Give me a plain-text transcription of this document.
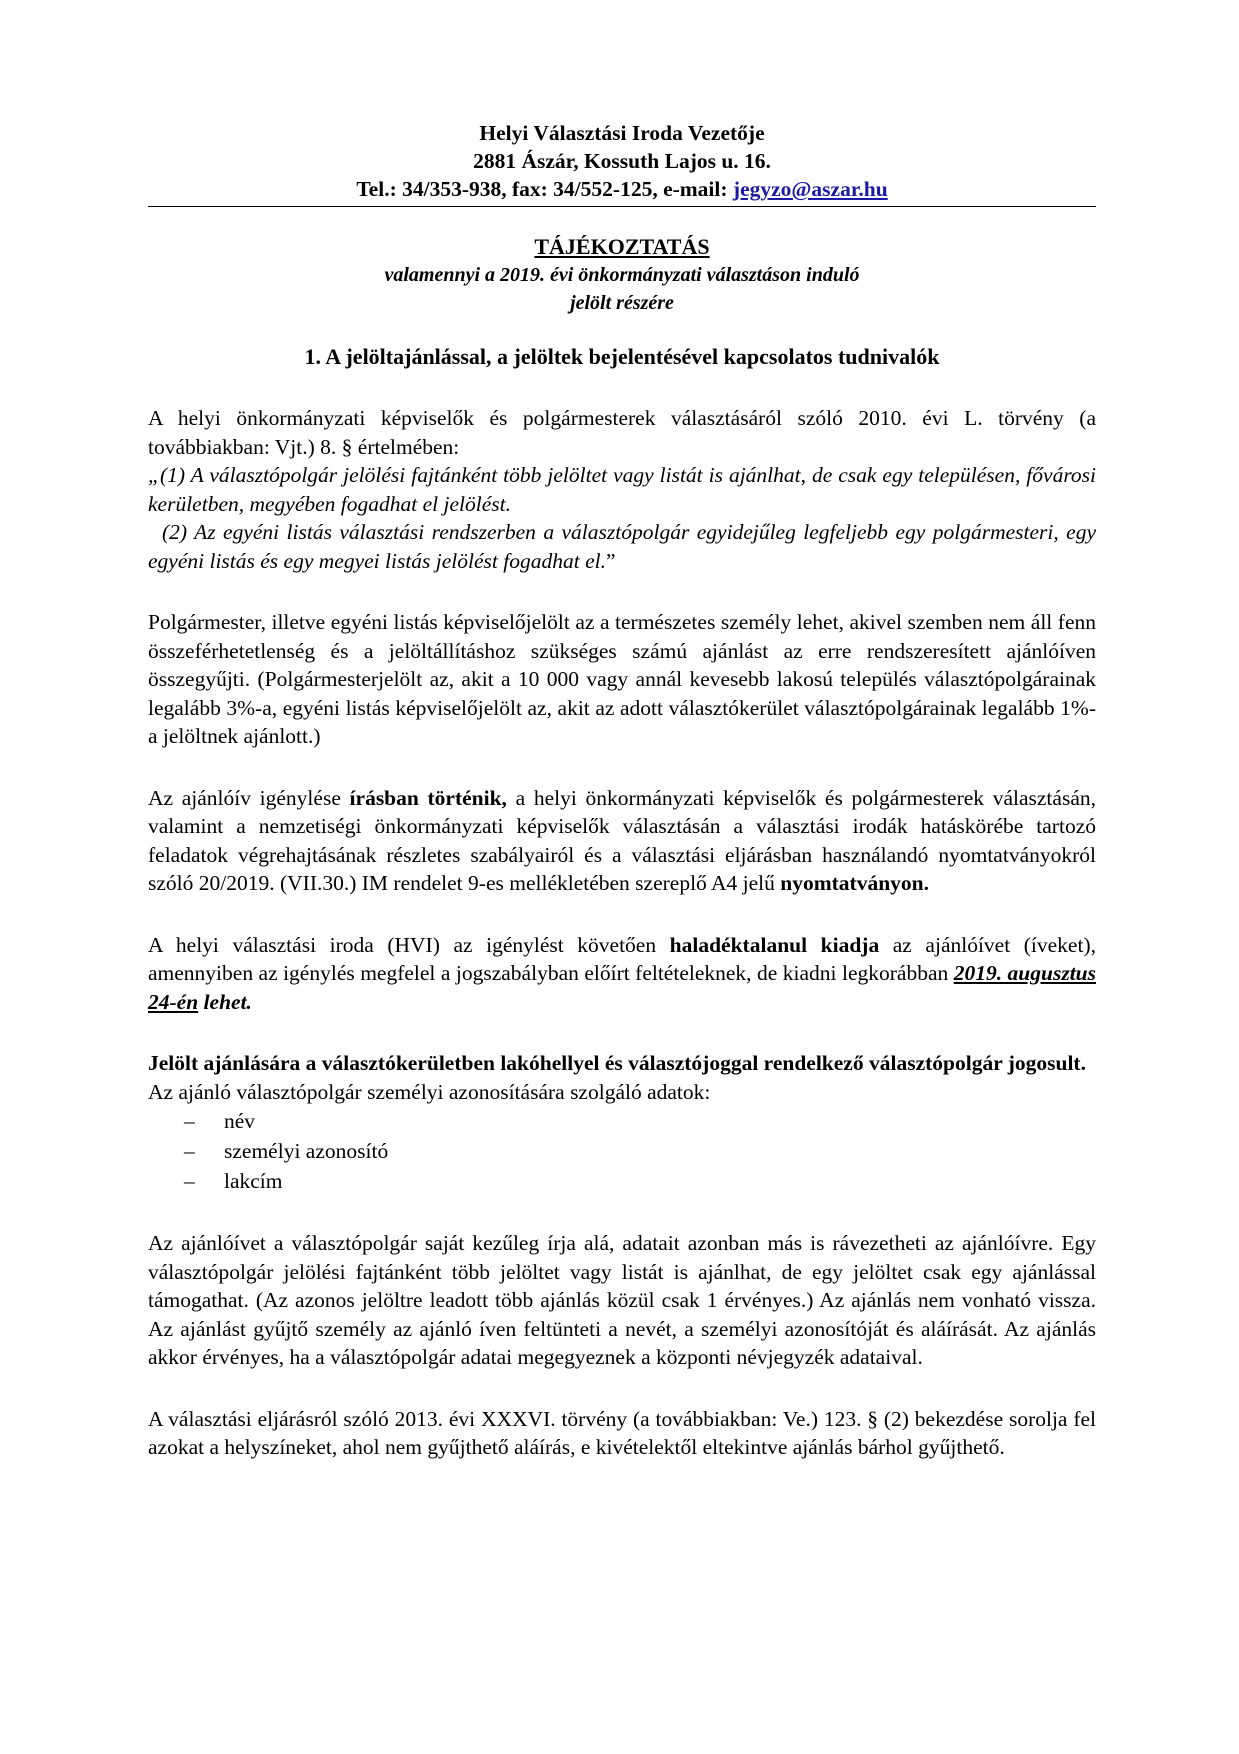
Helyi Választási Iroda Vezetője
2881 Ászár, Kossuth Lajos u. 16.
Tel.: 34/353-938, fax: 34/552-125, e-mail: jegyzo@aszar.hu
TÁJÉKOZTATÁS
valamennyi a 2019. évi önkormányzati választáson induló
jelölt részére
1. A jelöltajánlással, a jelöltek bejelentésével kapcsolatos tudnivalók

A helyi önkormányzati képviselők és polgármesterek választásáról szóló 2010. évi L. törvény (a továbbiakban: Vjt.) 8. § értelmében:

„(1) A választópolgár jelölési fajtánként több jelöltet vagy listát is ajánlhat, de csak egy településen, fővárosi kerületben, megyében fogadhat el jelölést.

(2) Az egyéni listás választási rendszerben a választópolgár egyidejűleg legfeljebb egy polgármesteri, egy egyéni listás és egy megyei listás jelölést fogadhat el.”

Polgármester, illetve egyéni listás képviselőjelölt az a természetes személy lehet, akivel szemben nem áll fenn összeférhetetlenség és a jelöltállításhoz szükséges számú ajánlást az erre rendszeresített ajánlóíven összegyűjti. (Polgármesterjelölt az, akit a 10 000 vagy annál kevesebb lakosú település választópolgárainak legalább 3%-a, egyéni listás képviselőjelölt az, akit az adott választókerület választópolgárainak legalább 1%-a jelöltnek ajánlott.)

Az ajánlóív igénylése írásban történik, a helyi önkormányzati képviselők és polgármesterek választásán, valamint a nemzetiségi önkormányzati képviselők választásán a választási irodák hatáskörébe tartozó feladatok végrehajtásának részletes szabályairól és a választási eljárásban használandó nyomtatványokról szóló 20/2019. (VII.30.) IM rendelet 9-es mellékletében szereplő A4 jelű nyomtatványon.

A helyi választási iroda (HVI) az igénylést követően haladéktalanul kiadja az ajánlóívet (íveket), amennyiben az igénylés megfelel a jogszabályban előírt feltételeknek, de kiadni legkorábban 2019. augusztus 24-én lehet.

Jelölt ajánlására a választókerületben lakóhellyel és választójoggal rendelkező választópolgár jogosult.

Az ajánló választópolgár személyi azonosítására szolgáló adatok:

– név
– személyi azonosító
– lakcím

Az ajánlóívet a választópolgár saját kezűleg írja alá, adatait azonban más is rávezetheti az ajánlóívre. Egy választópolgár jelölési fajtánként több jelöltet vagy listát is ajánlhat, de egy jelöltet csak egy ajánlással támogathat. (Az azonos jelöltre leadott több ajánlás közül csak 1 érvényes.) Az ajánlás nem vonható vissza. Az ajánlást gyűjtő személy az ajánló íven feltünteti a nevét, a személyi azonosítóját és aláírását. Az ajánlás akkor érvényes, ha a választópolgár adatai megegyeznek a központi névjegyzék adataival.

A választási eljárásról szóló 2013. évi XXXVI. törvény (a továbbiakban: Ve.) 123. § (2) bekezdése sorolja fel azokat a helyszíneket, ahol nem gyűjthető aláírás, e kivételektől eltekintve ajánlás bárhol gyűjthető.
